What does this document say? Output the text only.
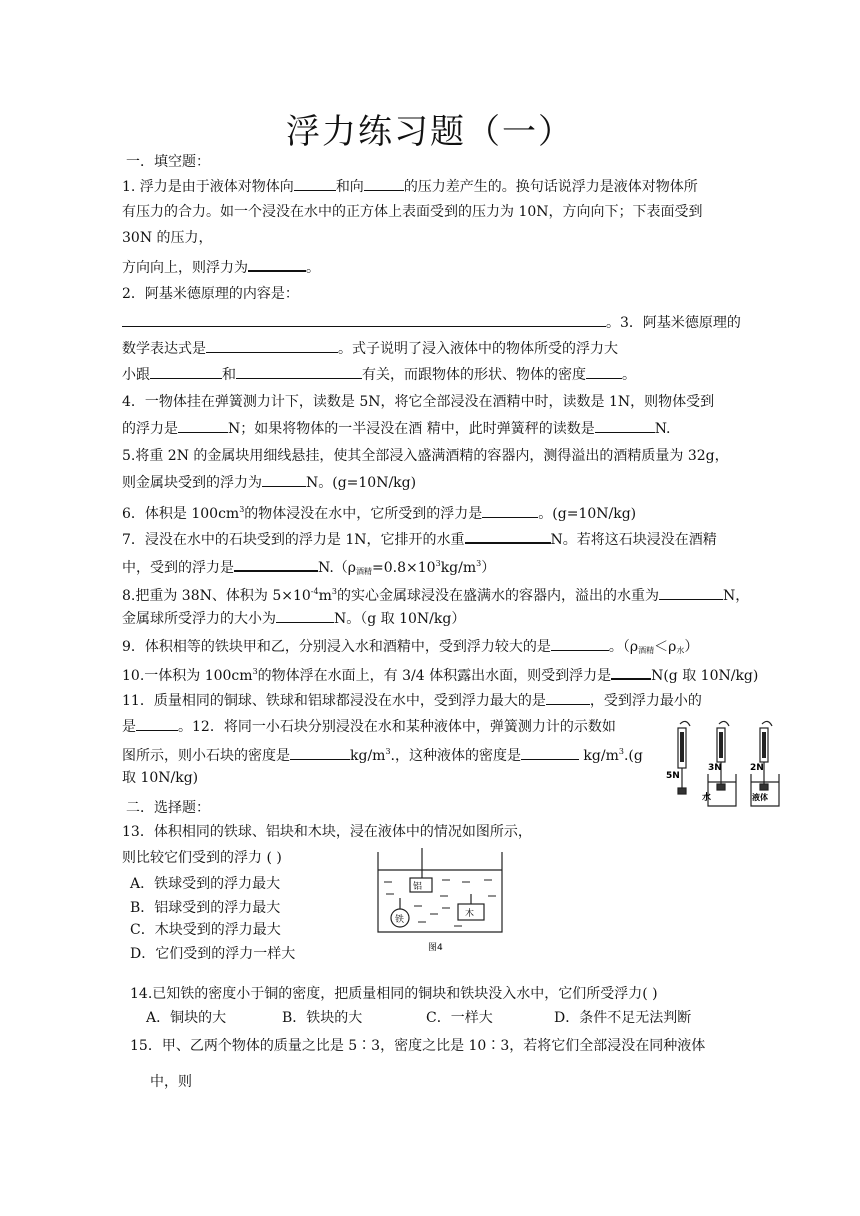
浮力练习题（一）
一．填空题：
1. 浮力是由于液体对物体向	和向	的压力差产生的。换句话说浮力是液体对物体所
有压力的合力。如一个浸没在水中的正方体上表面受到的压力为 10N，方向向下；下表面受到
30N 的压力，
方向向上，则浮力为	。
2．阿基米德原理的内容是：
。3．阿基米德原理的
数学表达式是	。式子说明了浸入液体中的物体所受的浮力大
小跟	和	有关，而跟物体的形状、物体的密度	。
4．一物体挂在弹簧测力计下，读数是 5N，将它全部浸没在酒精中时，读数是 1N，则物体受到
的浮力是	N；如果将物体的一半浸没在酒 精中，此时弹簧秤的读数是	N.
5.将重 2N 的金属块用细线悬挂，使其全部浸入盛满酒精的容器内，测得溢出的酒精质量为 32g，
则金属块受到的浮力为	N。(g=10N/kg)
6．体积是 $100cm^3$的物体浸没在水中，它所受到的浮力是	。(g=10N/kg)
7．浸没在水中的石块受到的浮力是 1N，它排开的水重	N。若将这石块浸没在酒精
中，受到的浮力是	$N.(\rho_{酒精}=0.8\times 10^3kg/m^3)$
8.把重为 38N、体积为 $5\times 10^{-4}m^3$的实心金属球浸没在盛满水的容器内，溢出的水重为	N，
金属球所受浮力的大小为	N。（g 取 10N/kg）
9．体积相等的铁块甲和乙，分别浸入水和酒精中，受到浮力较大的是	。$(\rho_{酒精}<\rho_水)$
10.一体积为 $100cm^3$的物体浮在水面上，有 3/4 体积露出水面，则受到浮力是	N(g 取 10N/kg)
11．质量相同的铜球、铁球和铝球都浸没在水中，受到浮力最大的是	，受到浮力最小的
是	。12．将同一小石块分别浸没在水和某种液体中，弹簧测力计的示数如
图所示，则小石块的密度是	$kg/m^3$.，这种液体的密度是	$kg/m^3.(g$
取 10N/kg)	5N
3N	2N
水	液体
二．选择题：
13．体积相同的铁球、铝块和木块，浸在液体中的情况如图所示，
则比较它们受到的浮力 ( )
A．铁球受到的浮力最大
B．铝球受到的浮力最大
C．木块受到的浮力最大
D．它们受到的浮力一样大
铝
铁
木
图4
14.已知铁的密度小于铜的密度，把质量相同的铜块和铁块没入水中，它们所受浮力( )
A．铜块的大	B．铁块的大	C．一样大	D．条件不足无法判断
15．甲、乙两个物体的质量之比是 5∶3，密度之比是 10∶3，若将它们全部浸没在同种液体
中，则
